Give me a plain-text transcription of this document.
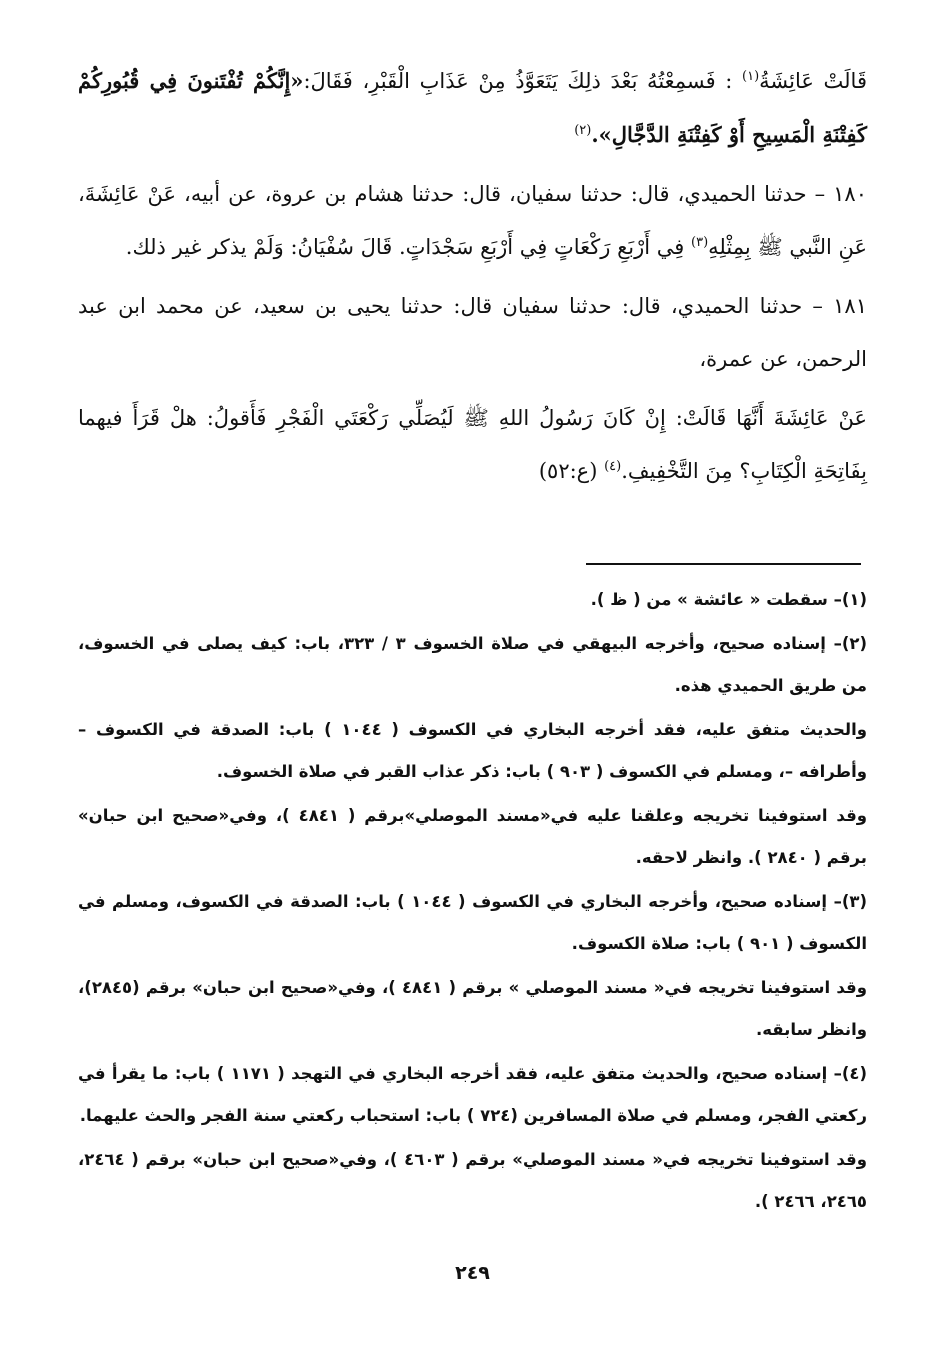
قَالَتْ عَائِشَةُ$^{(١)}$ : فَسمِعْتُهُ بَعْدَ ذلِكَ يَتَعَوَّذُ مِنْ عَذَابِ الْقَبْرِ، فَقَالَ:«إِنَّكُمْ تُفْتَنونَ فِي قُبُورِكُمْ كَفِتْنَةِ الْمَسِيحِ أَوْ كَفِتْنَةِ الدَّجَّالِ».$^{(٢)}$

١٨٠ – حدثنا الحميدي، قال: حدثنا سفيان، قال: حدثنا هشام بن عروة، عن أبيه، عَنْ عَائِشَةَ، عَنِ النَّبي ﷺ بِمِثْلِهِ$^{(٣)}$ فِي أَرْبَعِ رَكْعَاتٍ فِي أَرْبَعِ سَجْدَاتٍ. قَالَ سُفْيَانُ: وَلَمْ يذكر غير ذلك.

١٨١ – حدثنا الحميدي، قال: حدثنا سفيان قال: حدثنا يحيى بن سعيد، عن محمد ابن عبد الرحمن، عن عمرة،

عَنْ عَائِشَةَ أَنَّهَا قَالَتْ: إِنْ كَانَ رَسُولُ اللهِ ﷺ لَيُصَلِّي رَكْعَتَي الْفَجْرِ فَأَقولُ: هلْ قَرَأَ فيهما بِفَاتِحَةِ الْكِتَابِ؟ مِنَ التَّخْفِيفِ.$^{(٤)}$ (ع:٥٢)

(١)– سقطت « عائشة » من ( ظ ).

(٢)– إسناده صحيح، وأخرجه البيهقي في صلاة الخسوف ٣ / ٣٢٣، باب: كيف يصلى في الخسوف، من طريق الحميدي هذه.

والحديث متفق عليه، فقد أخرجه البخاري في الكسوف ( ١٠٤٤ ) باب: الصدقة في الكسوف – وأطرافه –، ومسلم في الكسوف ( ٩٠٣ ) باب: ذكر عذاب القبر في صلاة الخسوف.

وقد استوفينا تخريجه وعلقنا عليه في«مسند الموصلي»برقم ( ٤٨٤١ )، وفي«صحيح ابن حبان» برقم ( ٢٨٤٠ ). وانظر لاحقه.

(٣)– إسناده صحيح، وأخرجه البخاري في الكسوف ( ١٠٤٤ ) باب: الصدقة في الكسوف، ومسلم في الكسوف ( ٩٠١ ) باب: صلاة الكسوف.

وقد استوفينا تخريجه في« مسند الموصلي » برقم ( ٤٨٤١ )، وفي«صحيح ابن حبان» برقم (٢٨٤٥)، وانظر سابقه.

(٤)– إسناده صحيح، والحديث متفق عليه، فقد أخرجه البخاري في التهجد ( ١١٧١ ) باب: ما يقرأ في ركعتي الفجر، ومسلم في صلاة المسافرين (٧٢٤ ) باب: استحباب ركعتي سنة الفجر والحث عليهما.

وقد استوفينا تخريجه في« مسند الموصلي» برقم ( ٤٦٠٣ )، وفي«صحيح ابن حبان» برقم ( ٢٤٦٤، ٢٤٦٥، ٢٤٦٦ ).

٢٤٩
